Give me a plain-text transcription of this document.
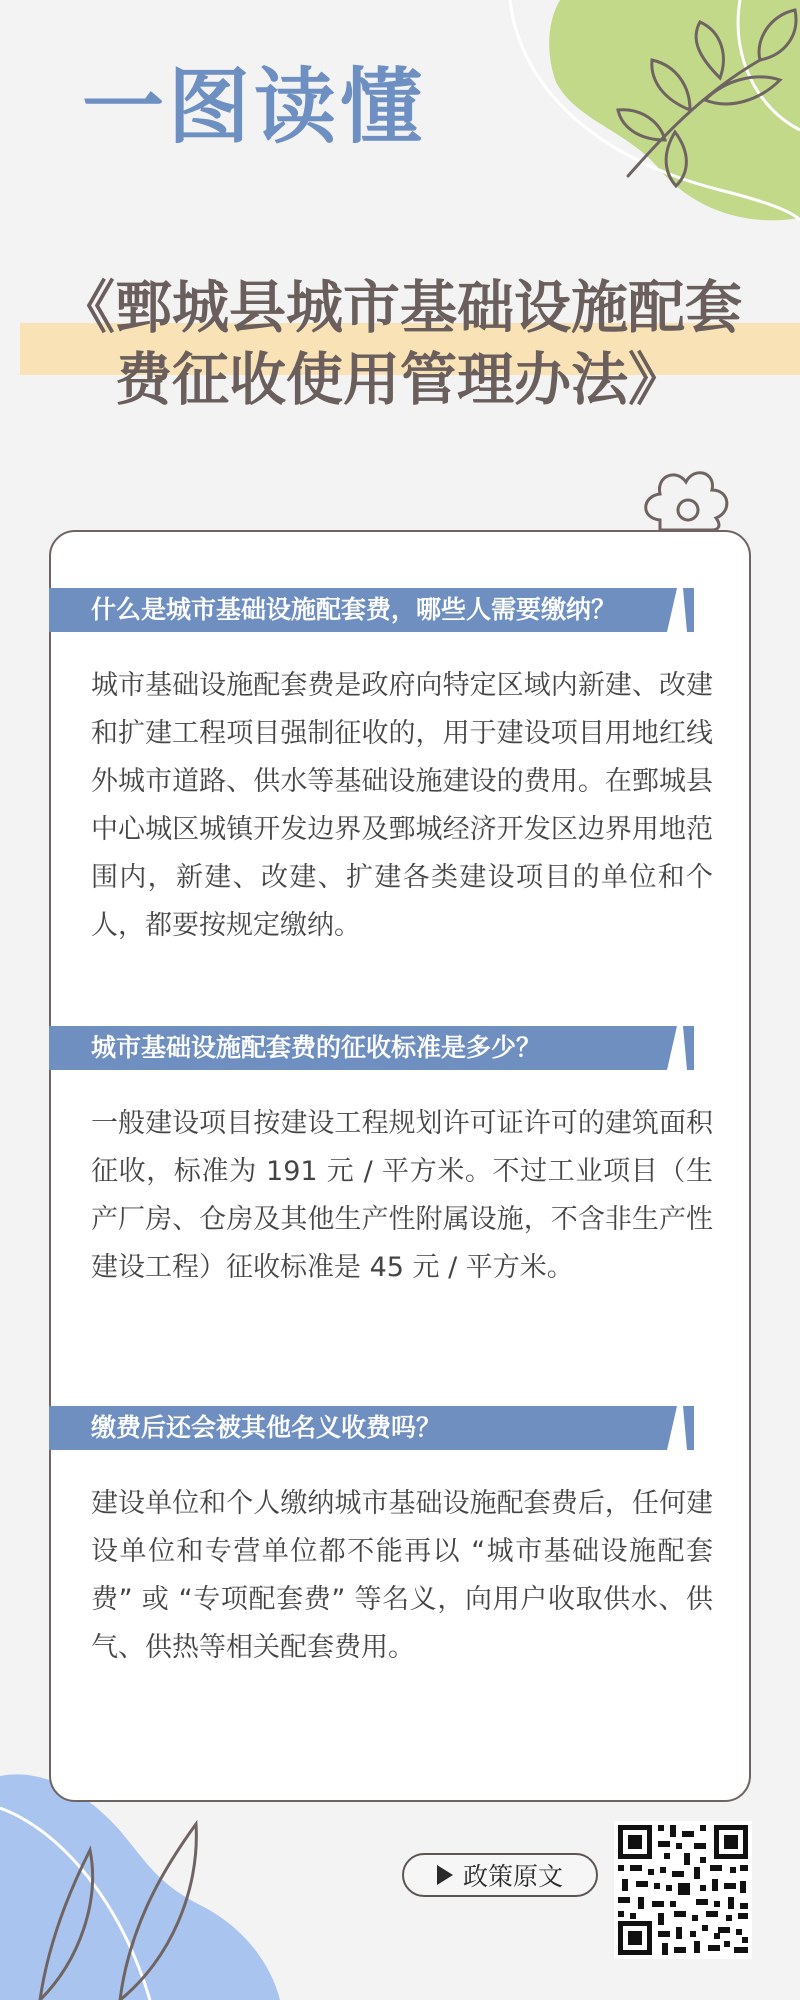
一图读懂
《鄄城县城市基础设施配套
费征收使用管理办法》
什么是城市基础设施配套费，哪些人需要缴纳？

城市基础设施配套费是政府向特定区域内新建、改建和扩建工程项目强制征收的，用于建设项目用地红线外城市道路、供水等基础设施建设的费用。在鄄城县中心城区城镇开发边界及鄄城经济开发区边界用地范围内，新建、改建、扩建各类建设项目的单位和个人，都要按规定缴纳。

城市基础设施配套费的征收标准是多少？

一般建设项目按建设工程规划许可证许可的建筑面积征收，标准为 191 元 / 平方米。不过工业项目（生产厂房、仓房及其他生产性附属设施，不含非生产性建设工程）征收标准是 45 元 / 平方米。

缴费后还会被其他名义收费吗？

建设单位和个人缴纳城市基础设施配套费后，任何建设单位和专营单位都不能再以 “城市基础设施配套费” 或 “专项配套费” 等名义，向用户收取供水、供气、供热等相关配套费用。

政策原文
